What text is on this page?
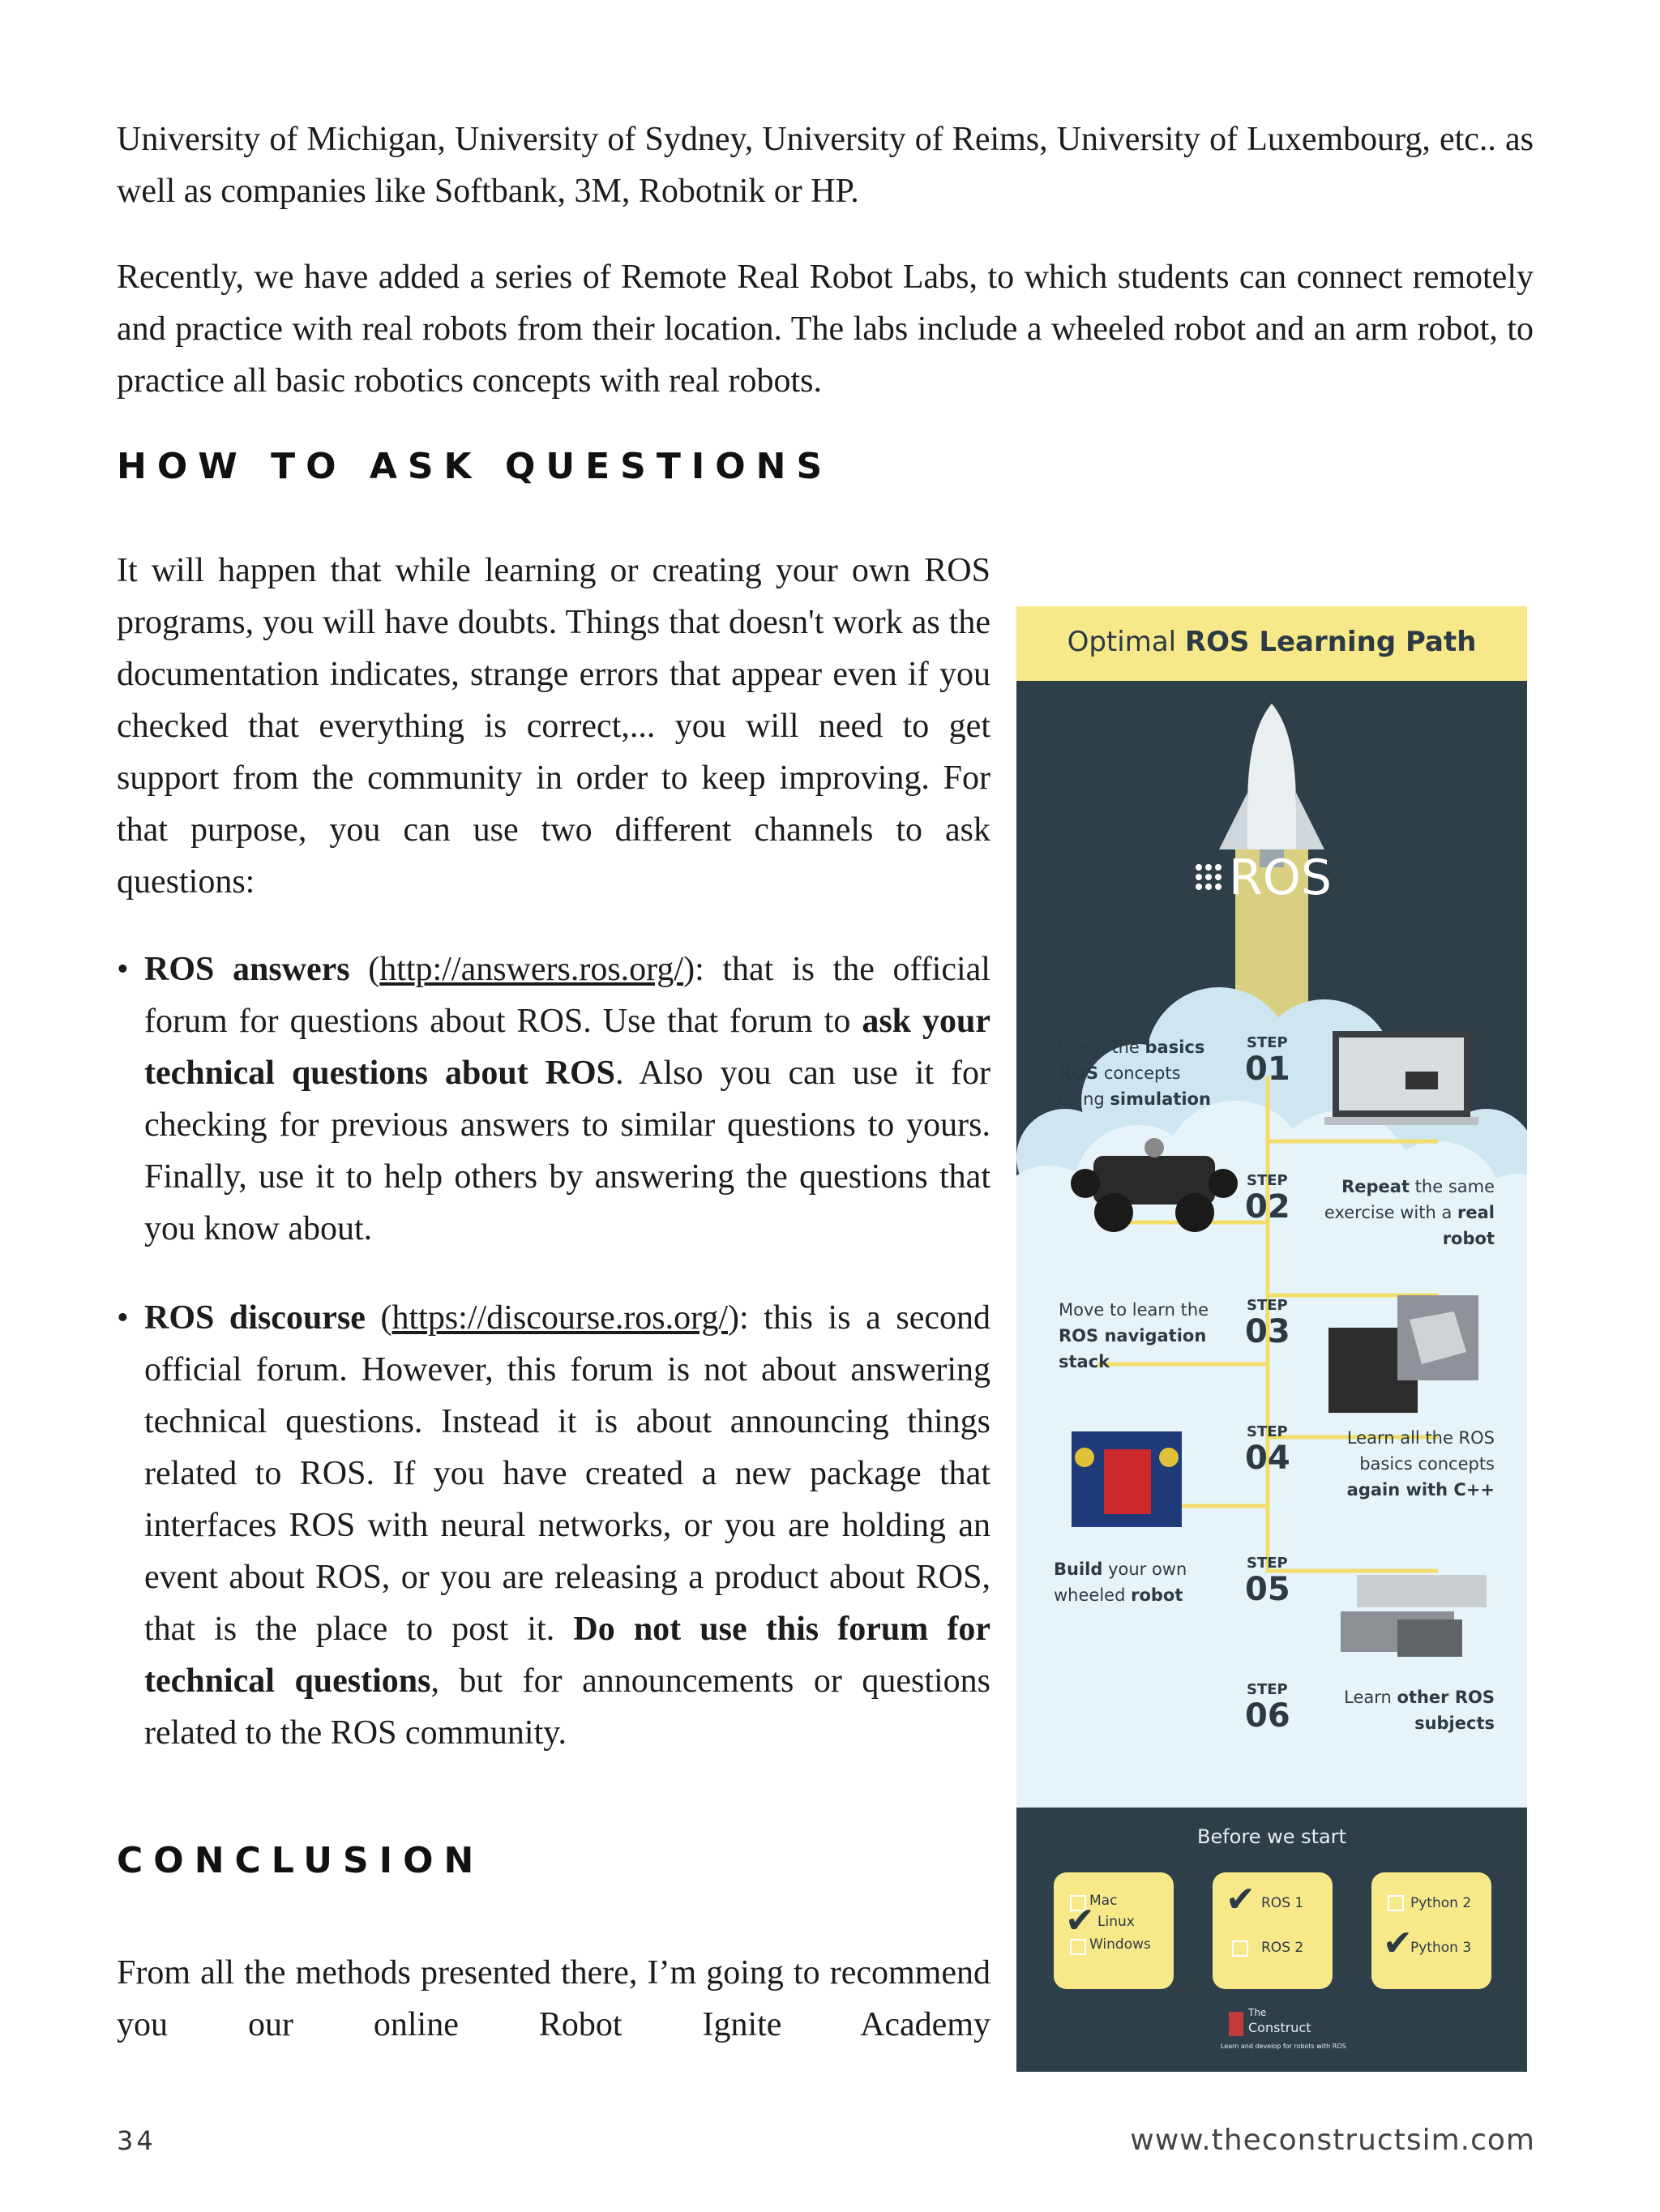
University of Michigan, University of Sydney, University of Reims, University of Luxembourg, etc.. as well as companies like Softbank, 3M, Robotnik or HP.

Recently, we have added a series of Remote Real Robot Labs, to which students can connect remotely and practice with real robots from their location. The labs include a wheeled robot and an arm robot, to practice all basic robotics concepts with real robots.

HOW TO ASK QUESTIONS

It will happen that while learning or creating your own ROS programs, you will have doubts. Things that doesn't work as the documentation indicates, strange errors that appear even if you checked that everything is correct,... you will need to get support from the community in order to keep improving. For that purpose, you can use two different channels to ask questions:

• ROS answers (http://answers.ros.org/): that is the official forum for questions about ROS. Use that forum to ask your technical questions about ROS. Also you can use it for checking for previous answers to similar questions to yours. Finally, use it to help others by answering the questions that you know about.
• ROS discourse (https://discourse.ros.org/): this is a second official forum. However, this forum is not about answering technical questions. Instead it is about announcing things related to ROS. If you have created a new package that interfaces ROS with neural networks, or you are holding an event about ROS, or you are releasing a product about ROS, that is the place to post it. Do not use this forum for technical questions, but for announcements or questions related to the ROS community.
CONCLUSION

From all the methods presented there, I’m going to recommend you our online Robot Ignite Academy

Optimal ROS Learning Path
ROS
Learn the basics ROS concepts using simulation
STEP
01
STEP
02
Repeat the same exercise with a real robot
Move to learn the ROS navigation stack
STEP
03
STEP
04
Learn all the ROS basics concepts again with C++
Build your own wheeled robot
STEP
05
STEP
06	Learn other ROS subjects
Before we start
Mac
✔ Linux
Windows
✔ ROS 1
ROS 2
Python 2
✔
Python 3
The
Construct
Learn and develop for robots with ROS
34	www.theconstructsim.com
